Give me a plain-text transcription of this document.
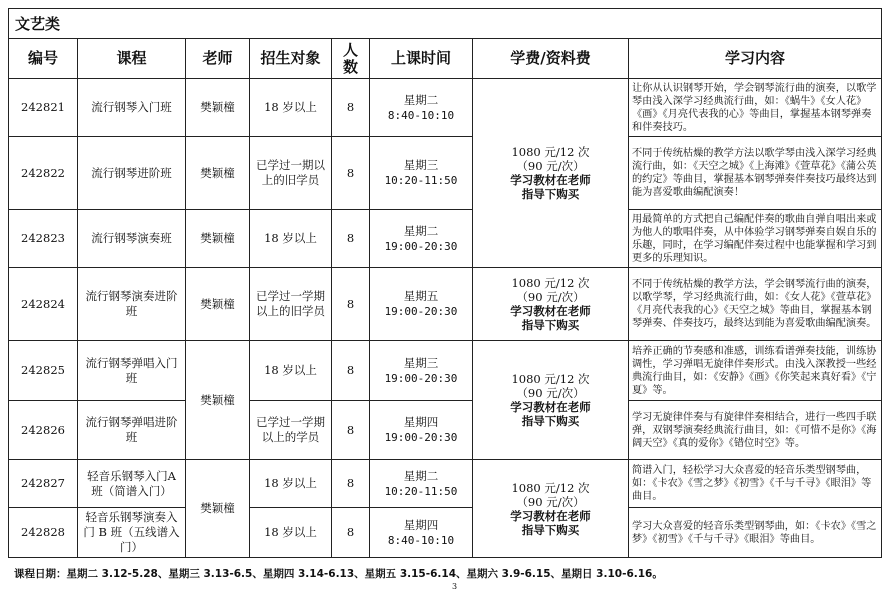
文艺类							
编号	课程	老师	招生对象	人数	上课时间	学费/资料费	学习内容
242821	流行钢琴入门班	樊颖橦	18 岁以上	8	星期二
8:40-10:10	1080 元/12 次
（90 元/次）
学习教材在老师
指导下购买	让你从认识钢琴开始，学会钢琴流行曲的演奏，以歌学琴由浅入深学习经典流行曲，如：《蜗牛》《女人花》《画》《月亮代表我的心》等曲目，掌握基本钢琴弹奏和伴奏技巧。
242822	流行钢琴进阶班	樊颖橦	已学过一期以上的旧学员	8	星期三
10:20-11:50		不同于传统枯燥的教学方法以歌学琴由浅入深学习经典流行曲，如：《天空之城》《上海滩》《萱草花》《蒲公英的约定》等曲目，掌握基本钢琴弹奏伴奏技巧最终达到能为喜爱歌曲编配演奏！
242823	流行钢琴演奏班	樊颖橦	18 岁以上	8	星期二
19:00-20:30		用最简单的方式把自己编配伴奏的歌曲自弹自唱出来或为他人的歌唱伴奏，从中体验学习钢琴弹奏自娱自乐的乐趣，同时，在学习编配伴奏过程中也能掌握和学习到更多的乐理知识。
242824	流行钢琴演奏进阶班	樊颖橦	已学过一学期以上的旧学员	8	星期五
19:00-20:30	1080 元/12 次
（90 元/次）
学习教材在老师
指导下购买	不同于传统枯燥的教学方法，学会钢琴流行曲的演奏，以歌学琴，学习经典流行曲，如：《女人花》《萱草花》《月亮代表我的心》《天空之城》等曲目，掌握基本钢琴弹奏、伴奏技巧，最终达到能为喜爱歌曲编配演奏。
242825	流行钢琴弹唱入门班	樊颖橦	18 岁以上	8	星期三
19:00-20:30	1080 元/12 次
（90 元/次）
学习教材在老师
指导下购买	培养正确的节奏感和准感，训练看谱弹奏技能，训练协调性，学习弹唱无旋律伴奏形式。由浅入深教授一些经典流行曲目，如：《安静》《画》《你笑起来真好看》《宁夏》等。
242826	流行钢琴弹唱进阶班		已学过一学期以上的学员	8	星期四
19:00-20:30		学习无旋律伴奏与有旋律伴奏相结合，进行一些四手联弹，双钢琴演奏经典流行曲目，如：《可惜不是你》《海阔天空》《真的爱你》《错位时空》等。
242827	轻音乐钢琴入门A 班（简谱入门）	樊颖橦	18 岁以上	8	星期二
10:20-11:50	1080 元/12 次
（90 元/次）
学习教材在老师
指导下购买	简谱入门，轻松学习大众喜爱的轻音乐类型钢琴曲，如：《卡农》《雪之梦》《初雪》《千与千寻》《眼泪》等曲目。
242828	轻音乐钢琴演奏入门 B 班（五线谱入门）		18 岁以上	8	星期四
8:40-10:10		学习大众喜爱的轻音乐类型钢琴曲，如：《卡农》《雪之梦》《初雪》《千与千寻》《眼泪》等曲目。
课程日期：星期二 3.12-5.28、星期三 3.13-6.5、星期四 3.14-6.13、星期五 3.15-6.14、星期六 3.9-6.15、星期日 3.10-6.16。
3
